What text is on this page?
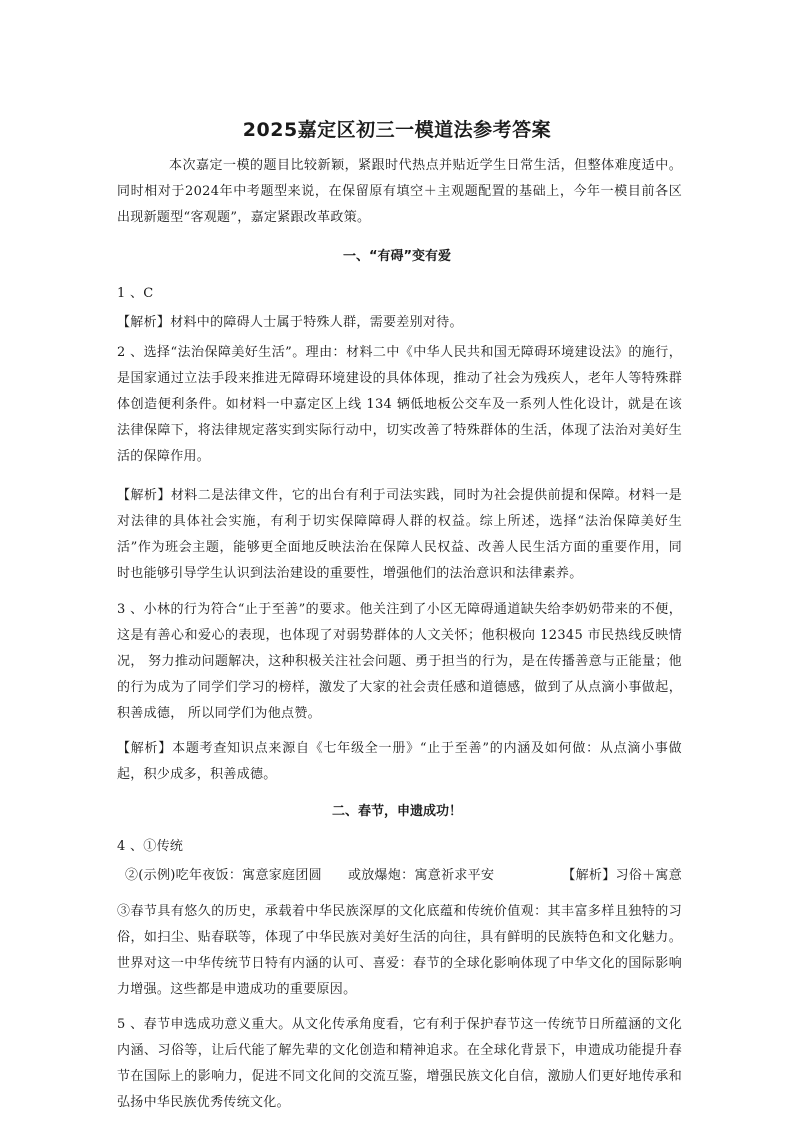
2025嘉定区初三一模道法参考答案
本次嘉定一模的题目比较新颖，紧跟时代热点并贴近学生日常生活，但整体难度适中。同时相对于2024年中考题型来说，在保留原有填空＋主观题配置的基础上，今年一模目前各区出现新题型“客观题”，嘉定紧跟改革政策。
一、“有碍”变有爱
1 、C
【解析】材料中的障碍人士属于特殊人群，需要差别对待。
2 、选择“法治保障美好生活”。理由：材料二中《中华人民共和国无障碍环境建设法》的施行，是国家通过立法手段来推进无障碍环境建设的具体体现，推动了社会为残疾人，老年人等特殊群体创造便利条件。如材料一中嘉定区上线 134 辆低地板公交车及一系列人性化设计，就是在该法律保障下，将法律规定落实到实际行动中，切实改善了特殊群体的生活，体现了法治对美好生活的保障作用。
【解析】材料二是法律文件，它的出台有利于司法实践，同时为社会提供前提和保障。材料一是对法律的具体社会实施，有利于切实保障障碍人群的权益。综上所述，选择“法治保障美好生活”作为班会主题，能够更全面地反映法治在保障人民权益、改善人民生活方面的重要作用，同时也能够引导学生认识到法治建设的重要性，增强他们的法治意识和法律素养。
3 、小林的行为符合“止于至善”的要求。他关注到了小区无障碍通道缺失给李奶奶带来的不便，这是有善心和爱心的表现，也体现了对弱势群体的人文关怀；他积极向 12345 市民热线反映情况， 努力推动问题解决，这种积极关注社会问题、勇于担当的行为，是在传播善意与正能量；他的行为成为了同学们学习的榜样，激发了大家的社会责任感和道德感，做到了从点滴小事做起，积善成德， 所以同学们为他点赞。
【解析】本题考查知识点来源自《七年级全一册》“止于至善”的内涵及如何做：从点滴小事做起，积少成多，积善成德。
二、春节，申遗成功！
4 、①传统
②(示例)吃年夜饭：寓意家庭团圆 或放爆炮：寓意祈求平安	【解析】习俗＋寓意
③春节具有悠久的历史，承载着中华民族深厚的文化底蕴和传统价值观：其丰富多样且独特的习俗，如扫尘、贴春联等，体现了中华民族对美好生活的向往，具有鲜明的民族特色和文化魅力。世界对这一中华传统节日特有内涵的认可、喜爱：春节的全球化影响体现了中华文化的国际影响力增强。这些都是申遗成功的重要原因。
5 、春节申选成功意义重大。从文化传承角度看，它有利于保护春节这一传统节日所蕴涵的文化内涵、习俗等，让后代能了解先辈的文化创造和精神追求。在全球化背景下，申遗成功能提升春节在国际上的影响力，促进不同文化间的交流互鉴，增强民族文化自信，激励人们更好地传承和弘扬中华民族优秀传统文化。
